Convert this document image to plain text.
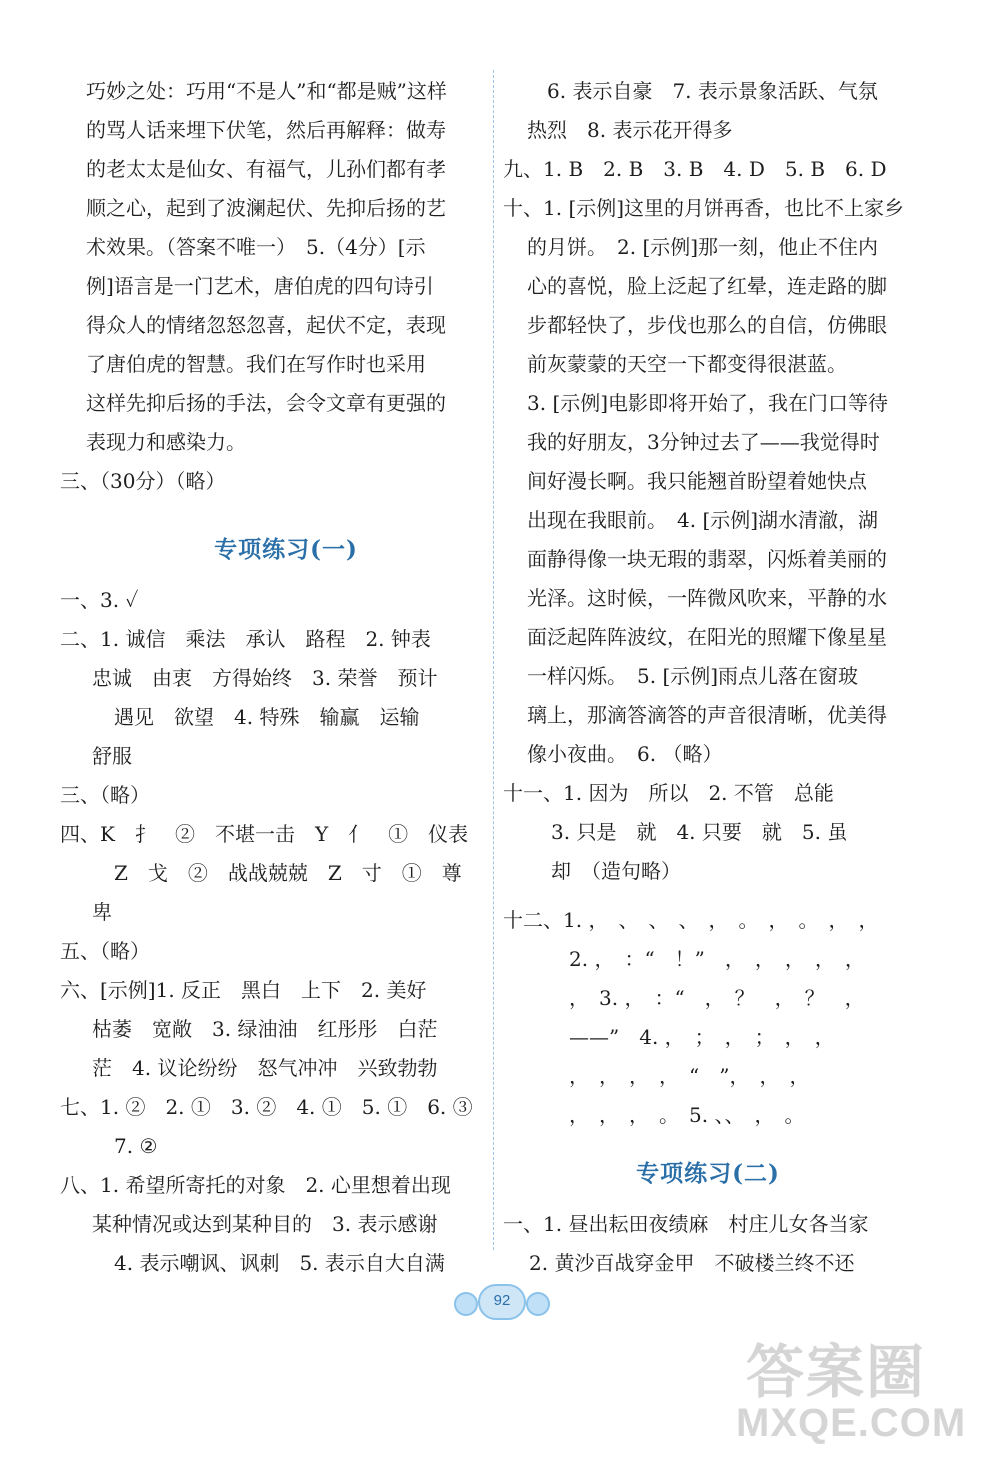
巧妙之处：巧用“不是人”和“都是贼”这样
的骂人话来埋下伏笔，然后再解释：做寿
的老太太是仙女、有福气，儿孙们都有孝
顺之心，起到了波澜起伏、先抑后扬的艺
术效果。（答案不唯一）　5.（4分）[示
例]语言是一门艺术，唐伯虎的四句诗引
得众人的情绪忽怒忽喜，起伏不定，表现
了唐伯虎的智慧。我们在写作时也采用
这样先抑后扬的手法，会令文章有更强的
表现力和感染力。
三、（30分）（略）
专项练习(一)
一、3. ✓
二、1. 诚信　乘法　承认　路程　2. 钟表
忠诚　由衷　方得始终　3. 荣誉　预计
遇见　欲望　4. 特殊　输赢　运输
舒服
三、（略）
四、K　扌　②　不堪一击　Y　亻　①　仪表
Z　戈　②　战战兢兢　Z　寸　①　尊
卑
五、（略）
六、[示例]1. 反正　黑白　上下　2. 美好
枯萎　宽敞　3. 绿油油　红彤彤　白茫
茫　4. 议论纷纷　怒气冲冲　兴致勃勃
七、1. ②　2. ①　3. ②　4. ①　5. ①　6. ③
7. ②
八、1. 希望所寄托的对象　2. 心里想着出现
某种情况或达到某种目的　3. 表示感谢
4. 表示嘲讽、讽刺　5. 表示自大自满
6. 表示自豪　7. 表示景象活跃、气氛
热烈　8. 表示花开得多
九、1. B　2. B　3. B　4. D　5. B　6. D
十、1. [示例]这里的月饼再香，也比不上家乡
的月饼。　2. [示例]那一刻，他止不住内
心的喜悦，脸上泛起了红晕，连走路的脚
步都轻快了，步伐也那么的自信，仿佛眼
前灰蒙蒙的天空一下都变得很湛蓝。
3. [示例]电影即将开始了，我在门口等待
我的好朋友，3分钟过去了——我觉得时
间好漫长啊。我只能翘首盼望着她快点
出现在我眼前。　4. [示例]湖水清澈，湖
面静得像一块无瑕的翡翠，闪烁着美丽的
光泽。这时候，一阵微风吹来，平静的水
面泛起阵阵波纹，在阳光的照耀下像星星
一样闪烁。　5. [示例]雨点儿落在窗玻
璃上，那滴答滴答的声音很清晰，优美得
像小夜曲。　6. （略）
十一、1. 因为　所以　2. 不管　总能
3. 只是　就　4. 只要　就　5. 虽
却　（造句略）
十二、1. ，　、　、　、　，　。　，　。　，　，
2. ，　：“　！”　，　，　，　，　，
，　3. ，　：“　，　？　，　？　，
——”　4. ，　；　，　；　，　，
，　，　，　，　“　”，　，　，
，　，　，　。　5. 、、　，　。
专项练习(二)
一、1. 昼出耘田夜绩麻　村庄儿女各当家
2. 黄沙百战穿金甲　不破楼兰终不还
92
答案圈
MXQE.COM
